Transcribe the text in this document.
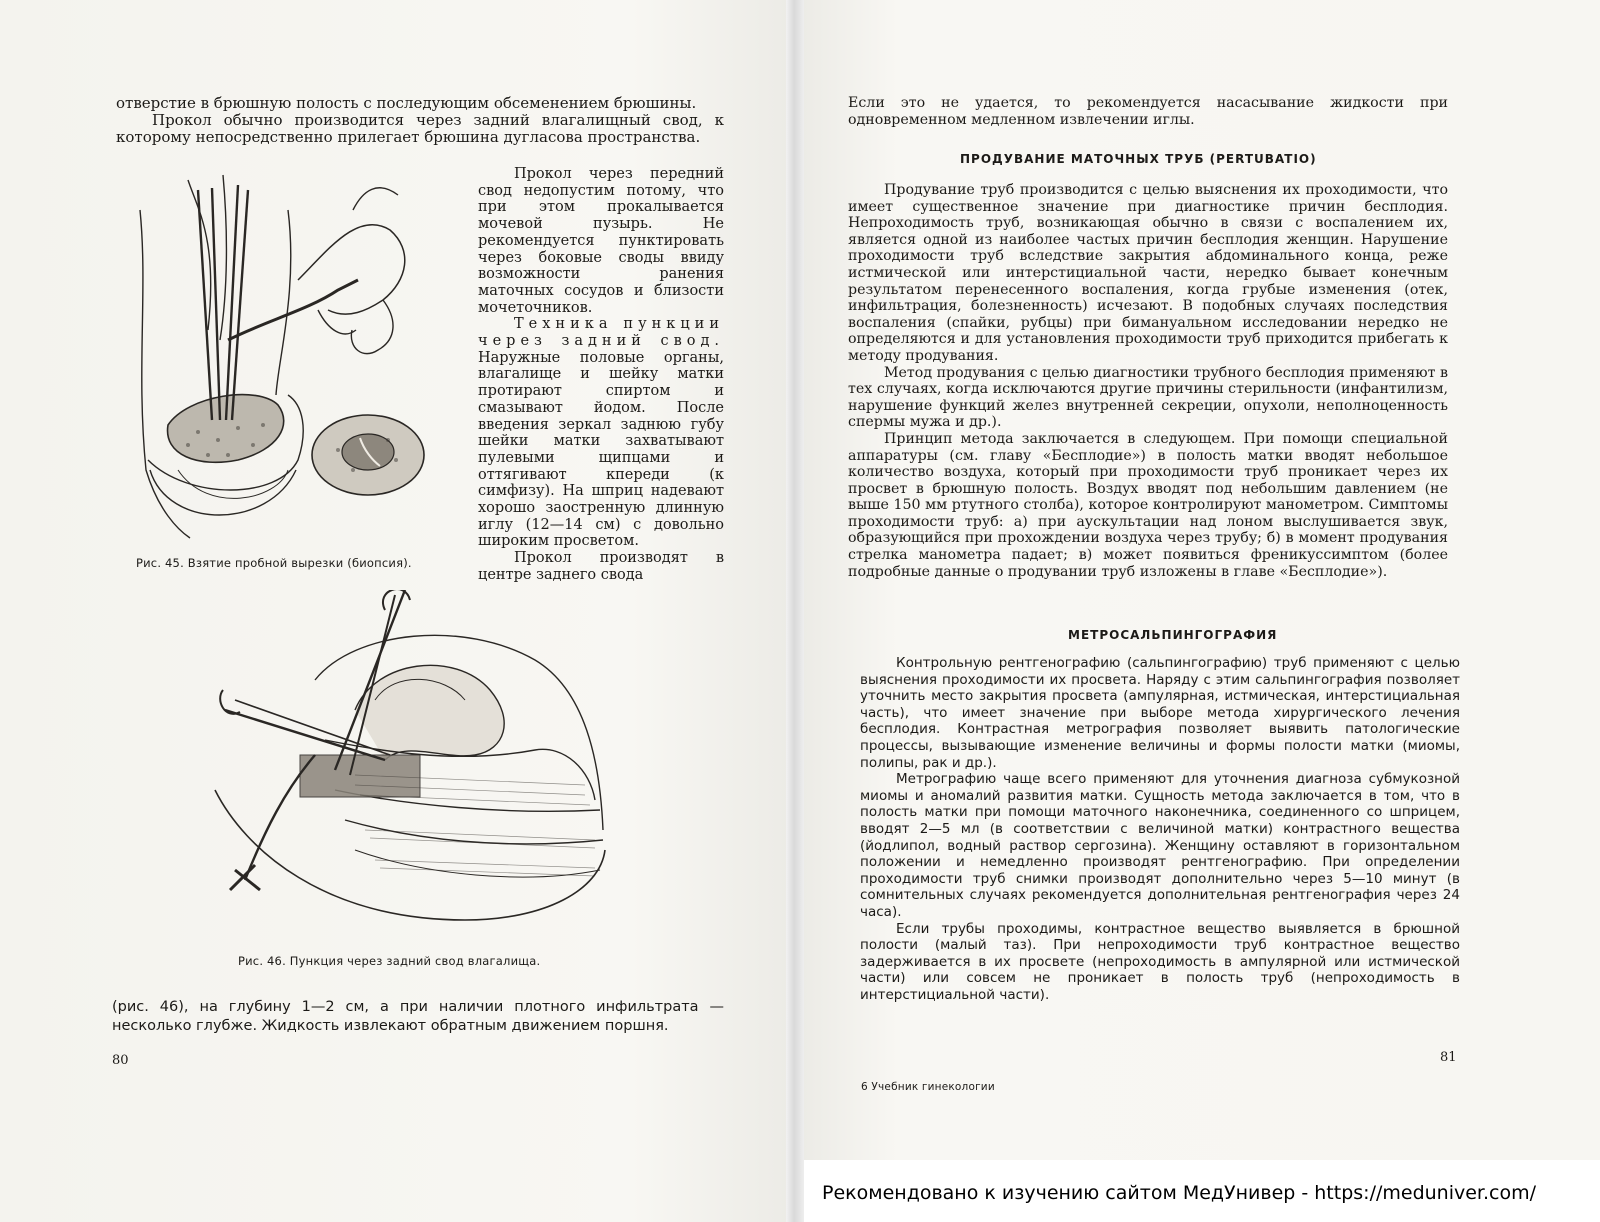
отверстие в брюшную полость с последующим обсеменением брюшины.

Прокол обычно производится через задний влагалищный свод, к которому непосредственно прилегает брюшина дугласова пространства.

Прокол через передний свод недопустим потому, что при этом прокалывается мочевой пузырь. Не рекомендуется пунктировать через боковые своды ввиду возможности ранения маточных сосудов и близости мочеточников.

Техника пункции через задний свод. Наружные половые органы, влагалище и шейку матки протирают спиртом и смазывают йодом. После введения зеркал заднюю губу шейки матки захватывают пулевыми щипцами и оттягивают кпереди (к симфизу). На шприц надевают хорошо заостренную длинную иглу (12—14 см) с довольно широким просветом.

Прокол производят в центре заднего свода

Рис. 45. Взятие пробной вырезки (биопсия).
Рис. 46. Пункция через задний свод влагалища.

(рис. 46), на глубину 1—2 см, а при наличии плотного инфильтрата — несколько глубже. Жидкость извлекают обратным движением поршня.

80

Если это не удается, то рекомендуется насасывание жидкости при одновременном медленном извлечении иглы.

ПРОДУВАНИЕ МАТОЧНЫХ ТРУБ (PERTUBATIO)

Продувание труб производится с целью выяснения их проходимости, что имеет существенное значение при диагностике причин бесплодия. Непроходимость труб, возникающая обычно в связи с воспалением их, является одной из наиболее частых причин бесплодия женщин. Нарушение проходимости труб вследствие закрытия абдоминального конца, реже истмической или интерстициальной части, нередко бывает конечным результатом перенесенного воспаления, когда грубые изменения (отек, инфильтрация, болезненность) исчезают. В подобных случаях последствия воспаления (спайки, рубцы) при бимануальном исследовании нередко не определяются и для установления проходимости труб приходится прибегать к методу продувания.

Метод продувания с целью диагностики трубного бесплодия применяют в тех случаях, когда исключаются другие причины стерильности (инфантилизм, нарушение функций желез внутренней секреции, опухоли, неполноценность спермы мужа и др.).

Принцип метода заключается в следующем. При помощи специальной аппаратуры (см. главу «Бесплодие») в полость матки вводят небольшое количество воздуха, который при проходимости труб проникает через их просвет в брюшную полость. Воздух вводят под небольшим давлением (не выше 150 мм ртутного столба), которое контролируют манометром. Симптомы проходимости труб: а) при аускультации над лоном выслушивается звук, образующийся при прохождении воздуха через трубу; б) в момент продувания стрелка манометра падает; в) может появиться френикуссимптом (более подробные данные о продувании труб изложены в главе «Бесплодие»).

МЕТРОСАЛЬПИНГОГРАФИЯ

Контрольную рентгенографию (сальпингографию) труб применяют с целью выяснения проходимости их просвета. Наряду с этим сальпингография позволяет уточнить место закрытия просвета (ампулярная, истмическая, интерстициальная часть), что имеет значение при выборе метода хирургического лечения бесплодия. Контрастная метрография позволяет выявить патологические процессы, вызывающие изменение величины и формы полости матки (миомы, полипы, рак и др.).

Метрографию чаще всего применяют для уточнения диагноза субмукозной миомы и аномалий развития матки. Сущность метода заключается в том, что в полость матки при помощи маточного наконечника, соединенного со шприцем, вводят 2—5 мл (в соответствии с величиной матки) контрастного вещества (йодлипол, водный раствор сергозина). Женщину оставляют в горизонтальном положении и немедленно производят рентгенографию. При определении проходимости труб снимки производят дополнительно через 5—10 минут (в сомнительных случаях рекомендуется дополнительная рентгенография через 24 часа).

Если трубы проходимы, контрастное вещество выявляется в брюшной полости (малый таз). При непроходимости труб контрастное вещество задерживается в их просвете (непроходимость в ампулярной или истмической части) или совсем не проникает в полость труб (непроходимость в интерстициальной части).

6 Учебник гинекологии
81
Рекомендовано к изучению сайтом МедУнивер - https://meduniver.com/
